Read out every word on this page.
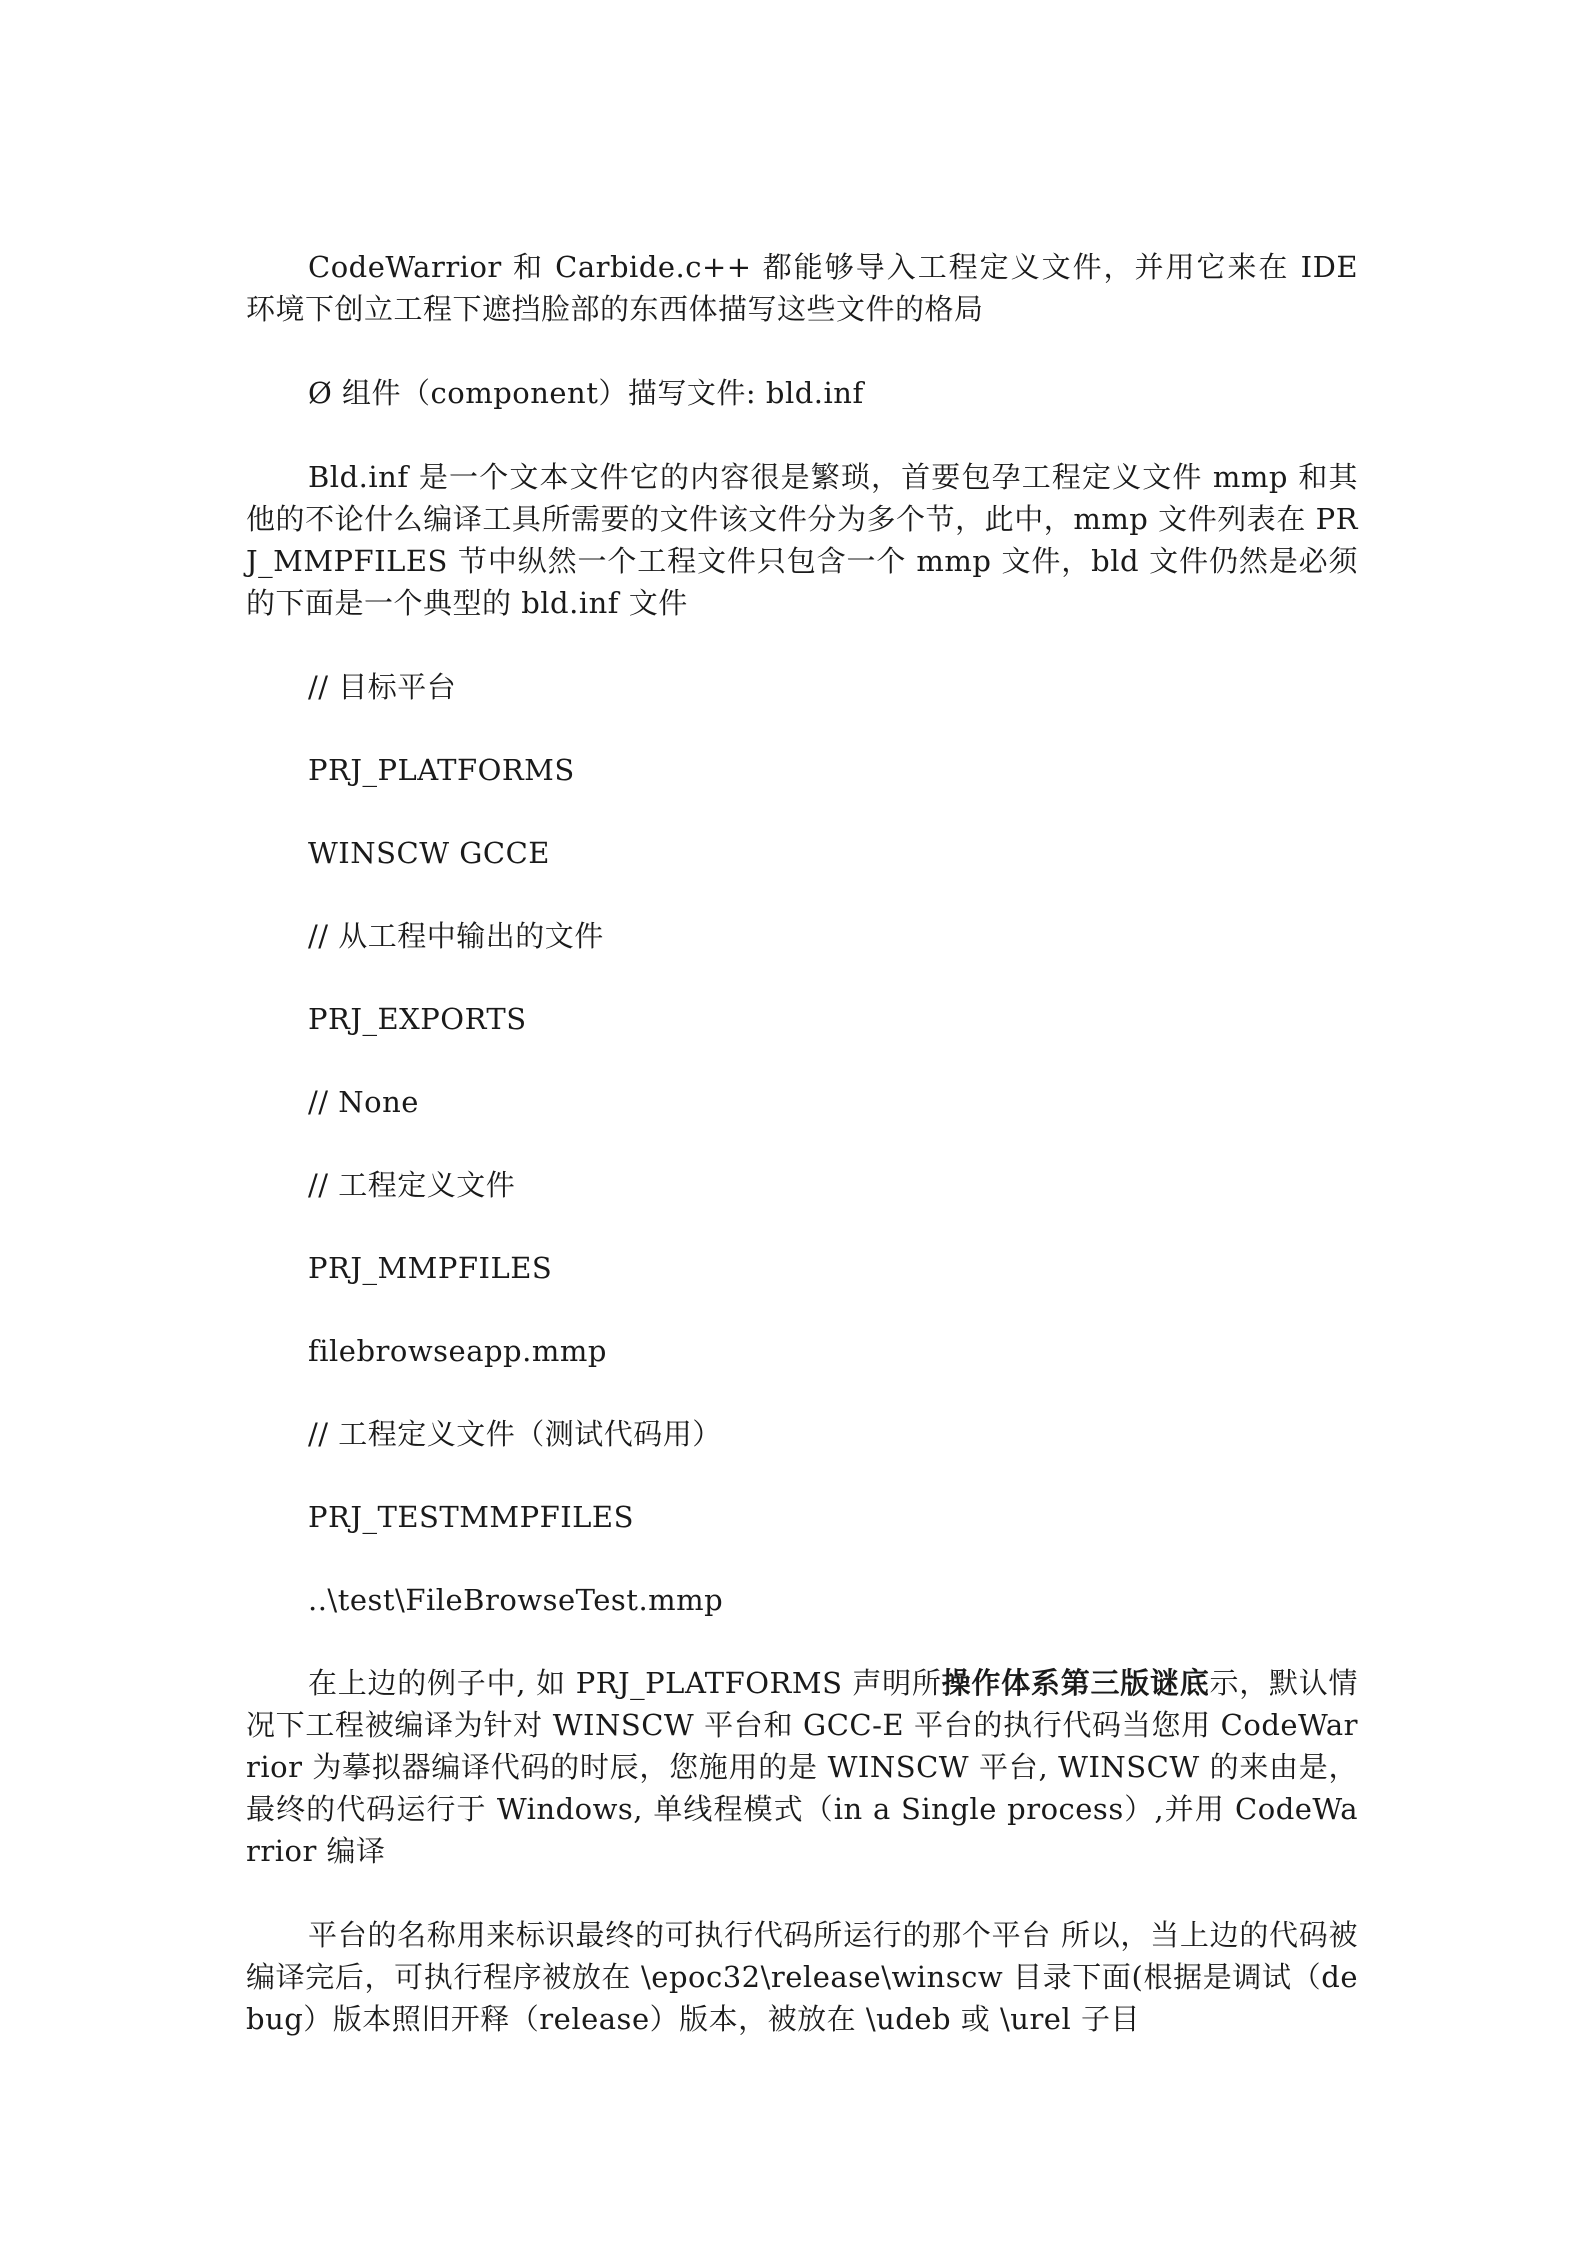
CodeWarrior 和 Carbide.c++ 都能够导入工程定义文件，并用它来在 IDE 环境下创立工程下遮挡脸部的东西体描写这些文件的格局

Ø 组件（component）描写文件: bld.inf

Bld.inf 是一个文本文件它的内容很是繁琐，首要包孕工程定义文件 mmp 和其他的不论什么编译工具所需要的文件该文件分为多个节，此中，mmp 文件列表在 PRJ_MMPFILES 节中纵然一个工程文件只包含一个 mmp 文件，bld 文件仍然是必须的下面是一个典型的 bld.inf 文件

// 目标平台
PRJ_PLATFORMS
WINSCW GCCE
// 从工程中输出的文件
PRJ_EXPORTS
// None
// 工程定义文件
PRJ_MMPFILES
filebrowseapp.mmp
// 工程定义文件（测试代码用）
PRJ_TESTMMPFILES
..\test\FileBrowseTest.mmp

在上边的例子中, 如 PRJ_PLATFORMS 声明所操作体系第三版谜底示，默认情况下工程被编译为针对 WINSCW 平台和 GCC-E 平台的执行代码当您用 CodeWarrior 为摹拟器编译代码的时辰，您施用的是 WINSCW 平台, WINSCW 的来由是，最终的代码运行于 Windows, 单线程模式（in a Single process）,并用 CodeWarrior 编译

平台的名称用来标识最终的可执行代码所运行的那个平台 所以，当上边的代码被编译完后，可执行程序被放在 \epoc32\release\winscw 目录下面(根据是调试（debug）版本照旧开释（release）版本，被放在 \udeb 或 \urel 子目
